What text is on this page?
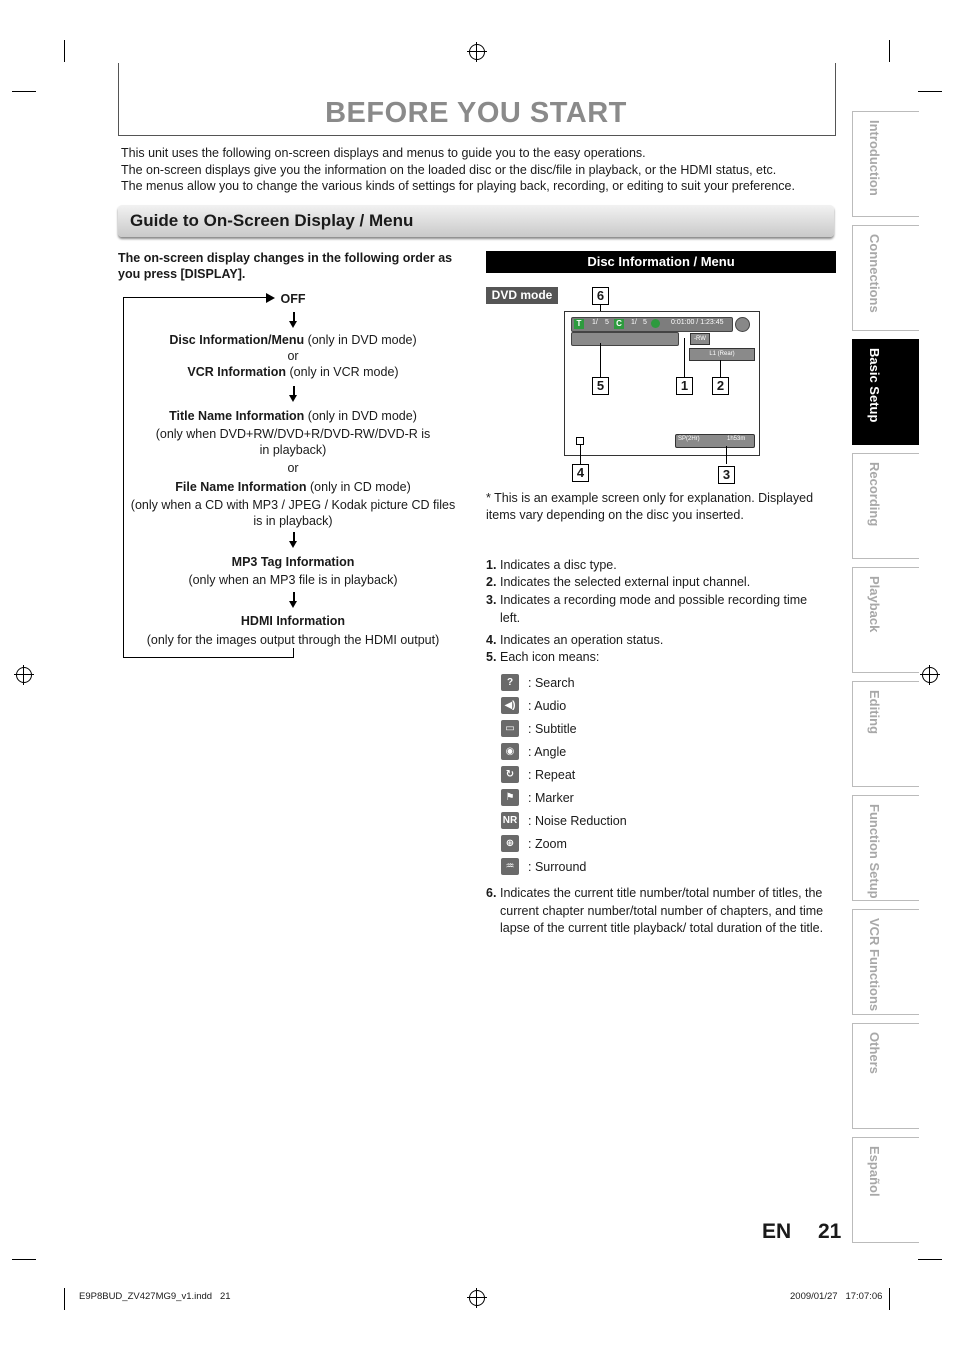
BEFORE YOU START
This unit uses the following on-screen displays and menus to guide you to the easy operations.
The on-screen displays give you the information on the loaded disc or the disc/file in playback, or the HDMI status, etc.
The menus allow you to change the various kinds of settings for playing back, recording, or editing to suit your preference.
Guide to On-Screen Display / Menu
The on-screen display changes in the following order as you press [DISPLAY].
OFF
Disc Information/Menu (only in DVD mode)
or
VCR Information (only in VCR mode)
Title Name Information (only in DVD mode)
(only when DVD+RW/DVD+R/DVD-RW/DVD-R is in playback)
or
File Name Information (only in CD mode)
(only when a CD with MP3 / JPEG / Kodak picture CD files is in playback)
MP3 Tag Information
(only when an MP3 file is in playback)
HDMI Information
(only for the images output through the HDMI output)
Disc Information / Menu
DVD mode	6
T	1/ 5 C	1/ 5	0:01:00 / 1:23:45
-RW
L1 (Rear)
SP(2Hr)	1h53m
5	1	2
4	3
* This is an example screen only for explanation. Displayed items vary depending on the disc you inserted.
1. Indicates a disc type.
2. Indicates the selected external input channel.
3. Indicates a recording mode and possible recording time left.
4. Indicates an operation status.
5. Each icon means:
?	: Search
◀) : Audio
▭	: Subtitle
◉	: Angle
↻	: Repeat
⚑	: Marker
NR : Noise Reduction
⊕	: Zoom
♒	: Surround
6. Indicates the current title number/total number of titles, the current chapter number/total number of chapters, and time lapse of the current title playback/ total duration of the title.
Introduction
Connections
Basic Setup
Recording
Playback
Editing
Function Setup
VCR Functions
Others
Español
EN 21
E9P8BUD_ZV427MG9_v1.indd   21	2009/01/27   17:07:06
